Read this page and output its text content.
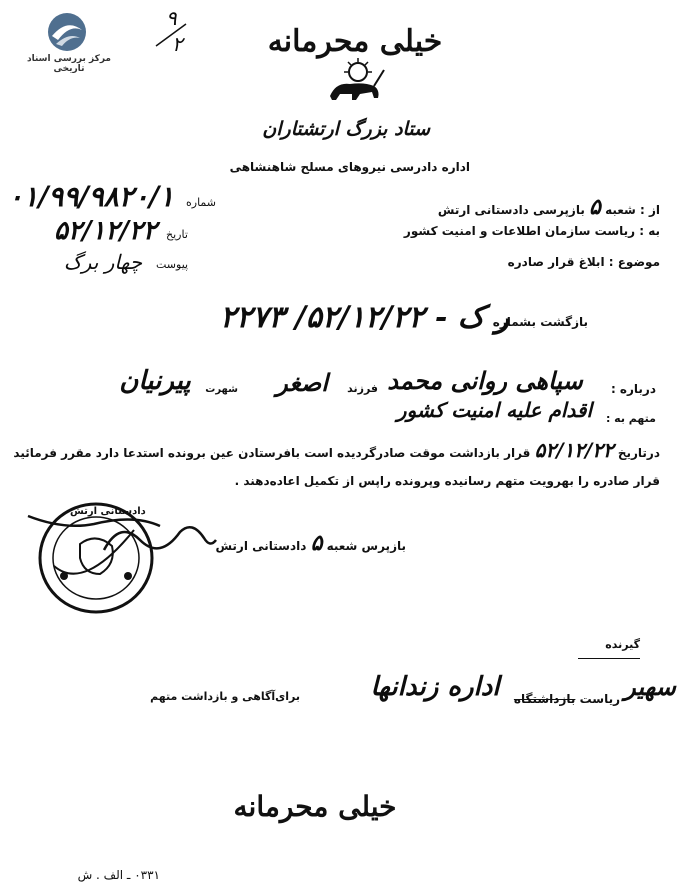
مرکز بررسی اسناد تاریخی
۹
۲	خیلی محرمانه
ستاد بزرگ ارتشتاران
اداره دادرسی نیروهای مسلح شاهنشاهی
از : شعبه ۵ بازپرسی دادستانی ارتش
به : ریاست سازمان اطلاعات و امنیت کشور
موضوع : ابلاغ قرار صادره
شماره
۰۱/۹۹/۹۸۲۰/۱
تاریخ
۵۲/۱۲/۲۲
پیوست
چهار برگ
بازگشت بشماره
۲۲۷۳ /ر ک - ۵۲/۱۲/۲۲
درباره :
سپاهی روانی محمد
فرزند
اصغر
شهرت
پیرنیان
متهم به :
اقدام علیه امنیت کشور
درتاریخ ۵۲/۱۲/۲۲ قرار بازداشت موقت صادرگردیده است بافرستادن عین برونده استدعا دارد مقرر فرمائید
قرار صادره را بهرویت متهم رسانیده وپرونده راپس از تکمیل اعاده‌دهند .
دادستانی ارتش
بازپرس شعبه ۵ دادستانی ارتش
گیرنده
سهیر
ریاست بازداشتگاه
اداره زندانها
برای‌آگاهی و بازداشت متهم
خیلی محرمانه
۰۳۳۱ ـ الف . ش
